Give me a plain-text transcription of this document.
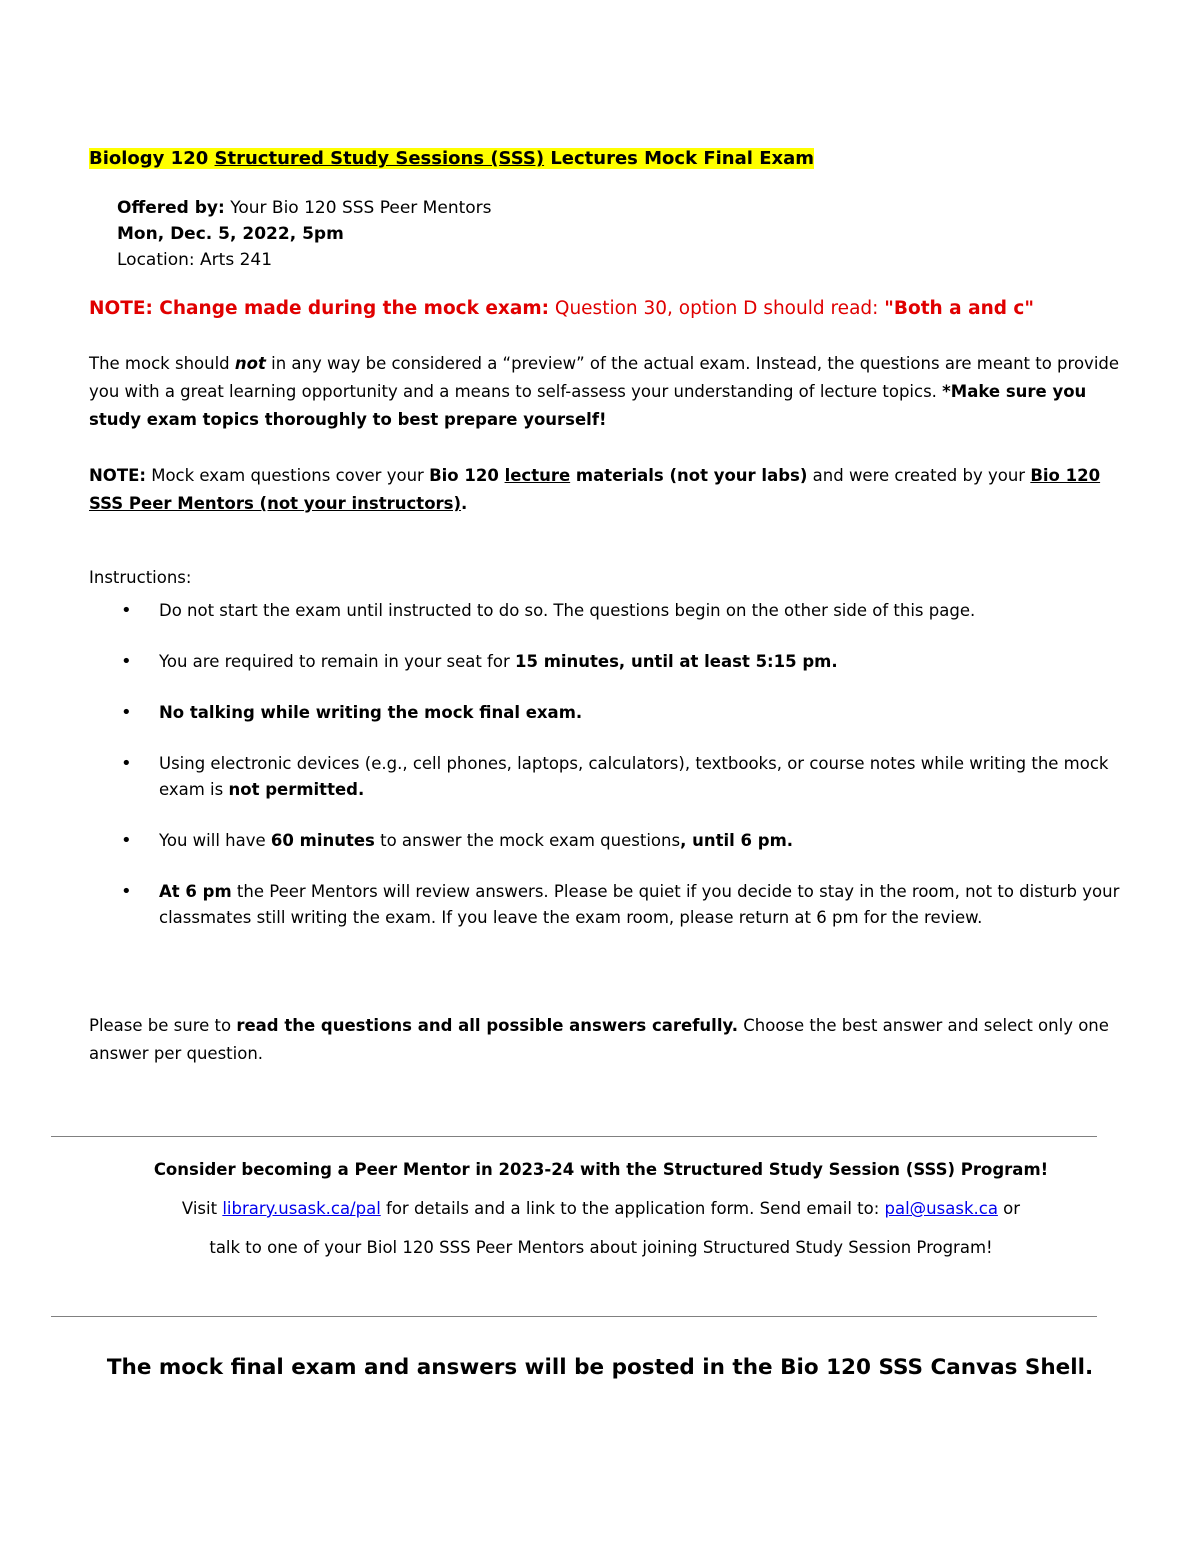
Biology 120 Structured Study Sessions (SSS) Lectures Mock Final Exam
Offered by: Your Bio 120 SSS Peer Mentors
Mon, Dec. 5, 2022, 5pm
Location: Arts 241
NOTE: Change made during the mock exam: Question 30, option D should read: "Both a and c"
The mock should not in any way be considered a “preview” of the actual exam. Instead, the questions are meant to provide you with a great learning opportunity and a means to self-assess your understanding of lecture topics. *Make sure you study exam topics thoroughly to best prepare yourself!
NOTE: Mock exam questions cover your Bio 120 lecture materials (not your labs) and were created by your Bio 120 SSS Peer Mentors (not your instructors).
Instructions:
• Do not start the exam until instructed to do so. The questions begin on the other side of this page.
• You are required to remain in your seat for 15 minutes, until at least 5:15 pm.
• No talking while writing the mock final exam.
• Using electronic devices (e.g., cell phones, laptops, calculators), textbooks, or course notes while writing the mock exam is not permitted.
• You will have 60 minutes to answer the mock exam questions, until 6 pm.
• At 6 pm the Peer Mentors will review answers. Please be quiet if you decide to stay in the room, not to disturb your classmates still writing the exam. If you leave the exam room, please return at 6 pm for the review.
Please be sure to read the questions and all possible answers carefully. Choose the best answer and select only one answer per question.
Consider becoming a Peer Mentor in 2023-24 with the Structured Study Session (SSS) Program!
Visit library.usask.ca/pal for details and a link to the application form. Send email to: pal@usask.ca or
talk to one of your Biol 120 SSS Peer Mentors about joining Structured Study Session Program!
The mock final exam and answers will be posted in the Bio 120 SSS Canvas Shell.
